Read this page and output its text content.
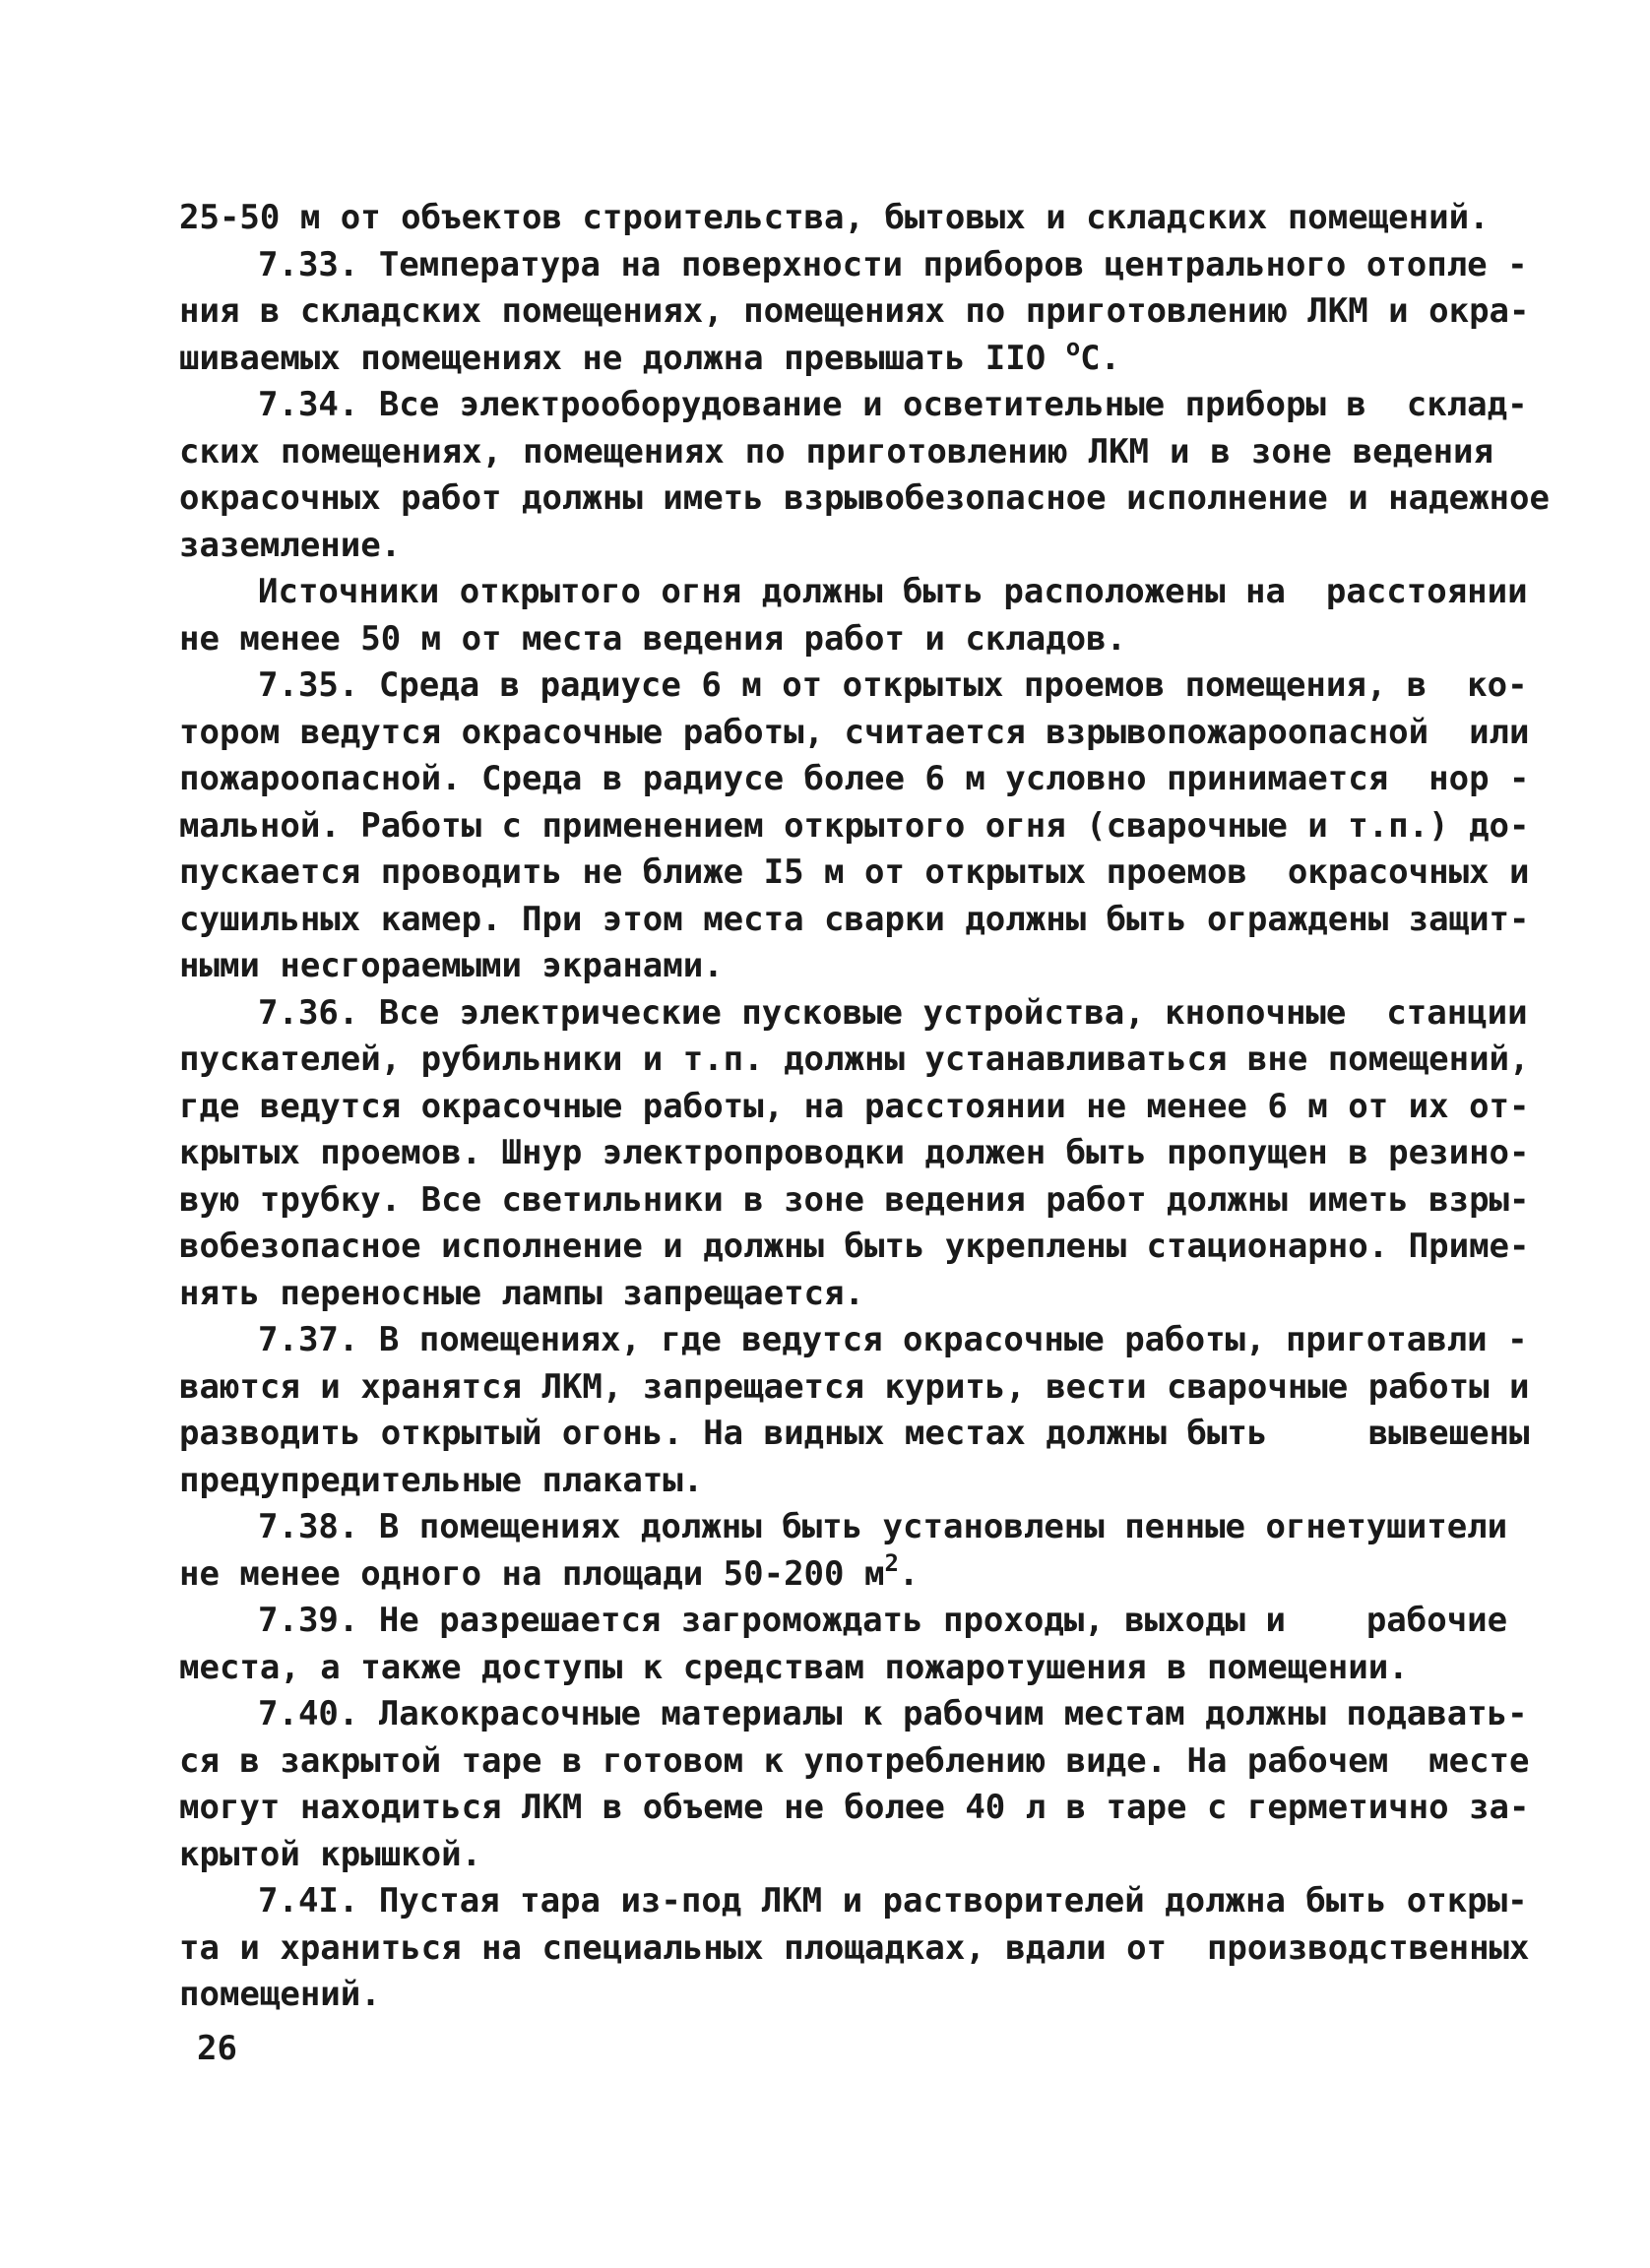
25-50 м от объектов строительства, бытовых и складских помещений.
7.33. Температура на поверхности приборов центрального отопле -
ния в складских помещениях, помещениях по приготовлению ЛКМ и окра-
шиваемых помещениях не должна превышать IIO $^o$C.
7.34. Все электрооборудование и осветительные приборы в  склад-
ских помещениях, помещениях по приготовлению ЛКМ и в зоне ведения
окрасочных работ должны иметь взрывобезопасное исполнение и надежное
заземление.
Источники открытого огня должны быть расположены на  расстоянии
не менее 50 м от места ведения работ и складов.
7.35. Среда в радиусе 6 м от открытых проемов помещения, в  ко-
тором ведутся окрасочные работы, считается взрывопожароопасной  или
пожароопасной. Среда в радиусе более 6 м условно принимается  нор -
мальной. Работы с применением открытого огня (сварочные и т.п.) до-
пускается проводить не ближе I5 м от открытых проемов  окрасочных и
сушильных камер. При этом места сварки должны быть ограждены защит-
ными несгораемыми экранами.
7.36. Все электрические пусковые устройства, кнопочные  станции
пускателей, рубильники и т.п. должны устанавливаться вне помещений,
где ведутся окрасочные работы, на расстоянии не менее 6 м от их от-
крытых проемов. Шнур электропроводки должен быть пропущен в резино-
вую трубку. Все светильники в зоне ведения работ должны иметь взры-
вобезопасное исполнение и должны быть укреплены стационарно. Приме-
нять переносные лампы запрещается.
7.37. В помещениях, где ведутся окрасочные работы, приготавли -
ваются и хранятся ЛКМ, запрещается курить, вести сварочные работы и
разводить открытый огонь. На видных местах должны быть     вывешены
предупредительные плакаты.
7.38. В помещениях должны быть установлены пенные огнетушители
не менее одного на площади 50-200 $м^2$.
7.39. Не разрешается загромождать проходы, выходы и    рабочие
места, а также доступы к средствам пожаротушения в помещении.
7.40. Лакокрасочные материалы к рабочим местам должны подавать-
ся в закрытой таре в готовом к употреблению виде. На рабочем  месте
могут находиться ЛКМ в объеме не более 40 л в таре с герметично за-
крытой крышкой.
7.4I. Пустая тара из-под ЛКМ и растворителей должна быть откры-
та и храниться на специальных площадках, вдали от  производственных
помещений.
26
